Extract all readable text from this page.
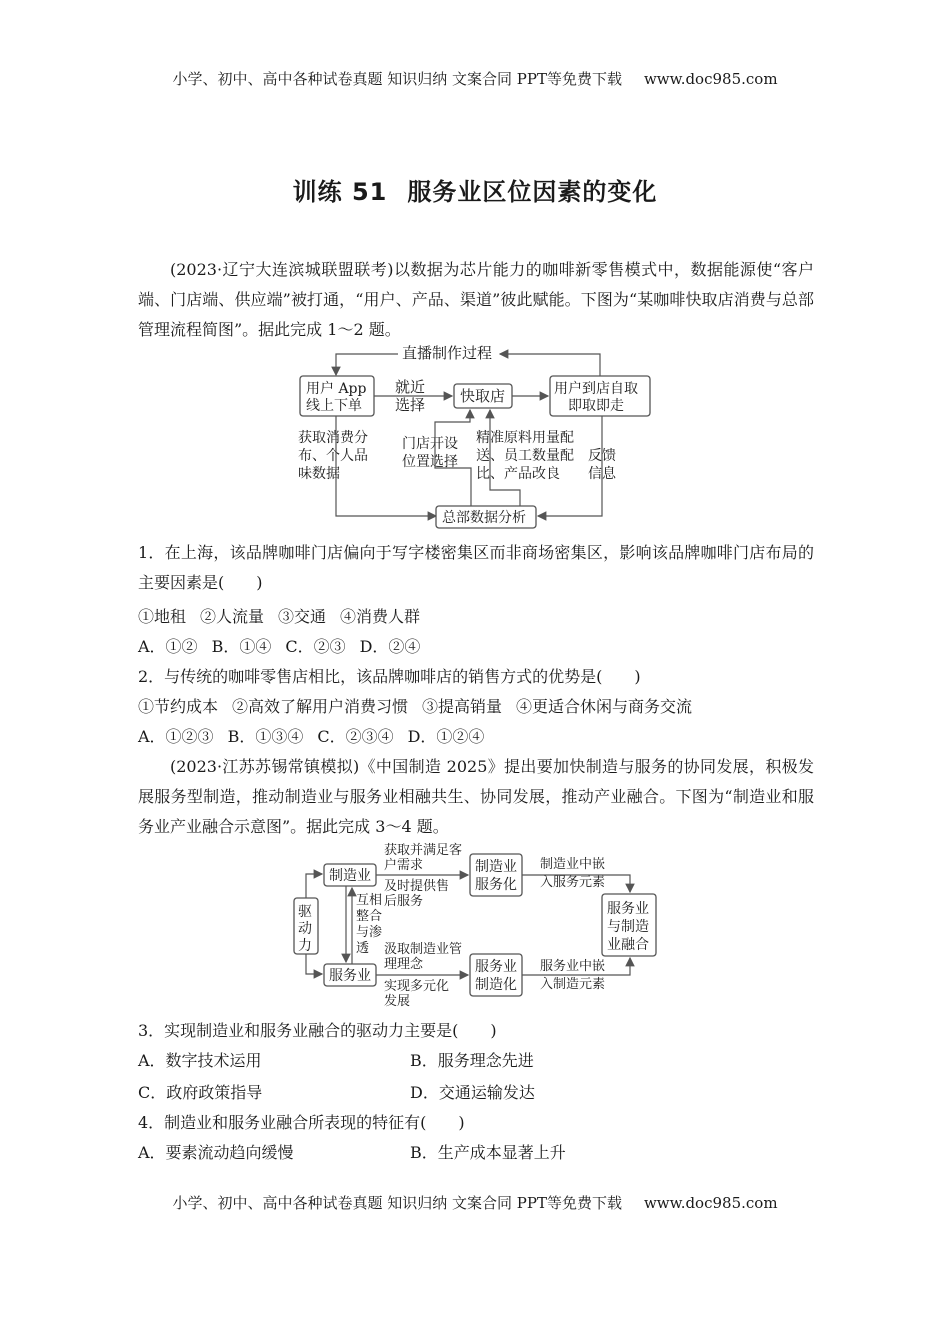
小学、初中、高中各种试卷真题 知识归纳 文案合同 PPT等免费下载 www.doc985.com
训练 51 服务业区位因素的变化
(2023·辽宁大连滨城联盟联考)以数据为芯片能力的咖啡新零售模式中，数据能源使“客户端、门店端、供应端”被打通，“用户、产品、渠道”彼此赋能。下图为“某咖啡快取店消费与总部管理流程简图”。据此完成 1～2 题。
直播制作过程
用户 App
线上下单
就近
选择 快取店	用户到店自取
即取即走
获取消费分
布、个人品
味数据
门店开设
位置选择
精准原料用量配
送、员工数量配
比、产品改良
反馈
信息
总部数据分析
1．在上海，该品牌咖啡门店偏向于写字楼密集区而非商场密集区，影响该品牌咖啡门店布局的主要因素是(　　)
①地租 ②人流量 ③交通 ④消费人群
A．①② B．①④ C．②③ D．②④
2．与传统的咖啡零售店相比，该品牌咖啡店的销售方式的优势是(　　)
①节约成本 ②高效了解用户消费习惯 ③提高销量 ④更适合休闲与商务交流
A．①②③ B．①③④ C．②③④ D．①②④
(2023·江苏苏锡常镇模拟)《中国制造 2025》提出要加快制造与服务的协同发展，积极发展服务型制造，推动制造业与服务业相融共生、协同发展，推动产业融合。下图为“制造业和服务业产业融合示意图”。据此完成 3～4 题。
驱
动
力
制造业
服务业
互相
整合
与渗
透
获取并满足客
户需求
及时提供售
后服务
汲取制造业管
理理念
实现多元化
发展
制造业
服务化
服务业
制造化
制造业中嵌
入服务元素
服务业中嵌
入制造元素
服务业
与制造
业融合
3．实现制造业和服务业融合的驱动力主要是(　　)
A．数字技术运用	B．服务理念先进
C．政府政策指导	D．交通运输发达
4．制造业和服务业融合所表现的特征有(　　)
A．要素流动趋向缓慢	B．生产成本显著上升
小学、初中、高中各种试卷真题 知识归纳 文案合同 PPT等免费下载 www.doc985.com
